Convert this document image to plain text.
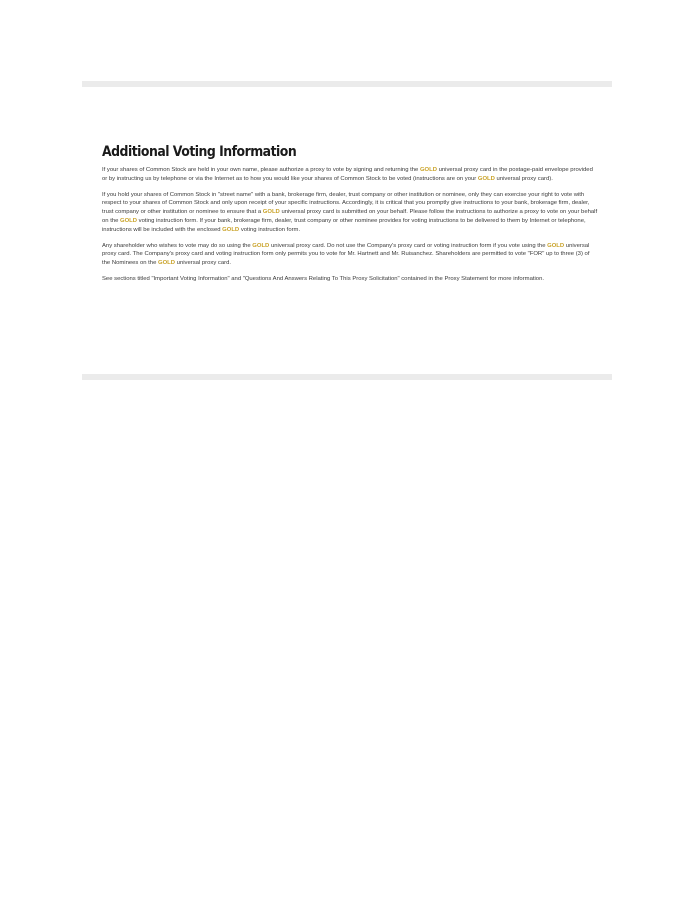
Additional Voting Information

If your shares of Common Stock are held in your own name, please authorize a proxy to vote by signing and returning the GOLD universal proxy card in the postage-paid envelope provided or by instructing us by telephone or via the Internet as to how you would like your shares of Common Stock to be voted (instructions are on your GOLD universal proxy card).

If you hold your shares of Common Stock in "street name" with a bank, brokerage firm, dealer, trust company or other institution or nominee, only they can exercise your right to vote with respect to your shares of Common Stock and only upon receipt of your specific instructions. Accordingly, it is critical that you promptly give instructions to your bank, brokerage firm, dealer, trust company or other institution or nominee to ensure that a GOLD universal proxy card is submitted on your behalf. Please follow the instructions to authorize a proxy to vote on your behalf on the GOLD voting instruction form. If your bank, brokerage firm, dealer, trust company or other nominee provides for voting instructions to be delivered to them by Internet or telephone, instructions will be included with the enclosed GOLD voting instruction form.

Any shareholder who wishes to vote may do so using the GOLD universal proxy card. Do not use the Company's proxy card or voting instruction form if you vote using the GOLD universal proxy card. The Company's proxy card and voting instruction form only permits you to vote for Mr. Hartnett and Mr. Ruisanchez. Shareholders are permitted to vote "FOR" up to three (3) of the Nominees on the GOLD universal proxy card.

See sections titled "Important Voting Information" and "Questions And Answers Relating To This Proxy Solicitation" contained in the Proxy Statement for more information.
